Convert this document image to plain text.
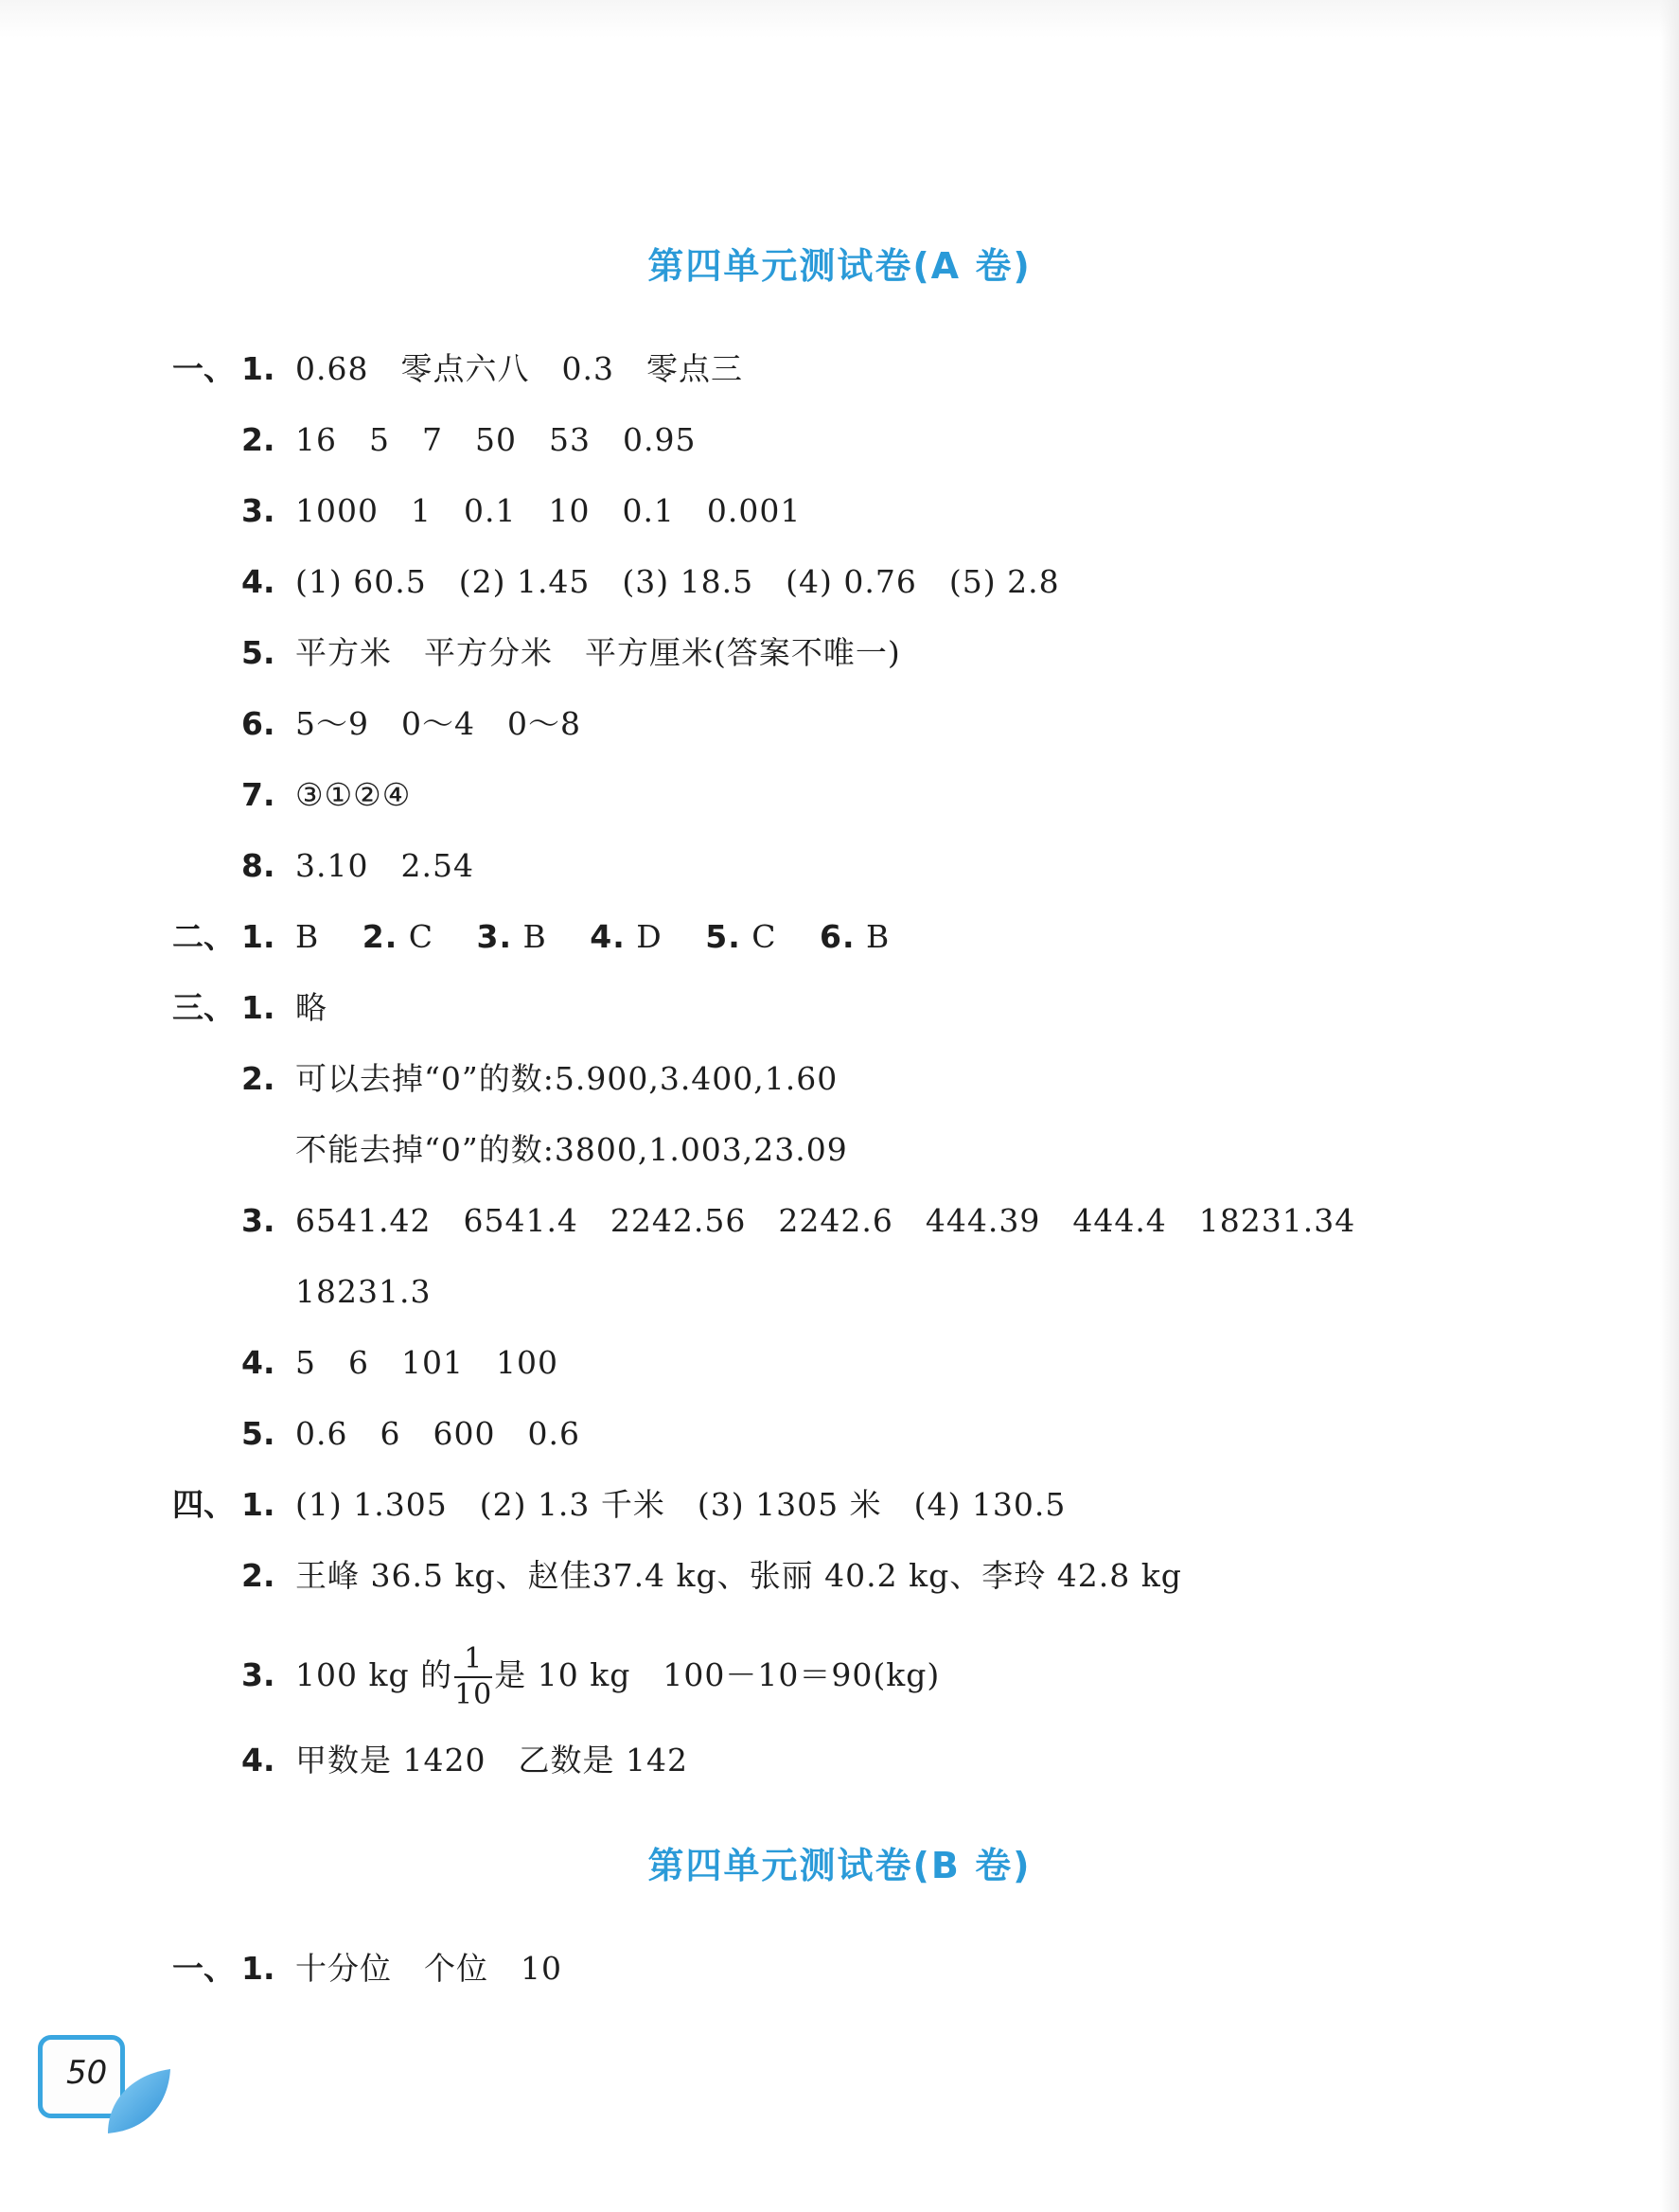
第四单元测试卷(A 卷)
一、 1. 0.68　零点六八　0.3　零点三
2. 16　5　7　50　53　0.95
3. 1000　1　0.1　10　0.1　0.001
4. (1) 60.5　(2) 1.45　(3) 18.5　(4) 0.76　(5) 2.8
5. 平方米　平方分米　平方厘米(答案不唯一)
6. 5～9　0～4　0～8
7. ③①②④
8. 3.10　2.54
二、 1. B 2. C 3. B 4. D 5. C 6. B
三、 1. 略
2. 可以去掉“0”的数:5.900,3.400,1.60
不能去掉“0”的数:3800,1.003,23.09
3. 6541.42　6541.4　2242.56　2242.6　444.39　444.4　18231.34
18231.3
4. 5　6　101　100
5. 0.6　6　600　0.6
四、 1. (1) 1.305　(2) 1.3 千米　(3) 1305 米　(4) 130.5
2. 王峰 36.5 kg、赵佳37.4 kg、张丽 40.2 kg、李玲 42.8 kg
3. 100 kg 的 $\frac{1}{10}$ 是 10 kg　100－10＝90(kg)
4. 甲数是 1420　乙数是 142
第四单元测试卷(B 卷)
一、 1. 十分位　个位　10
50
